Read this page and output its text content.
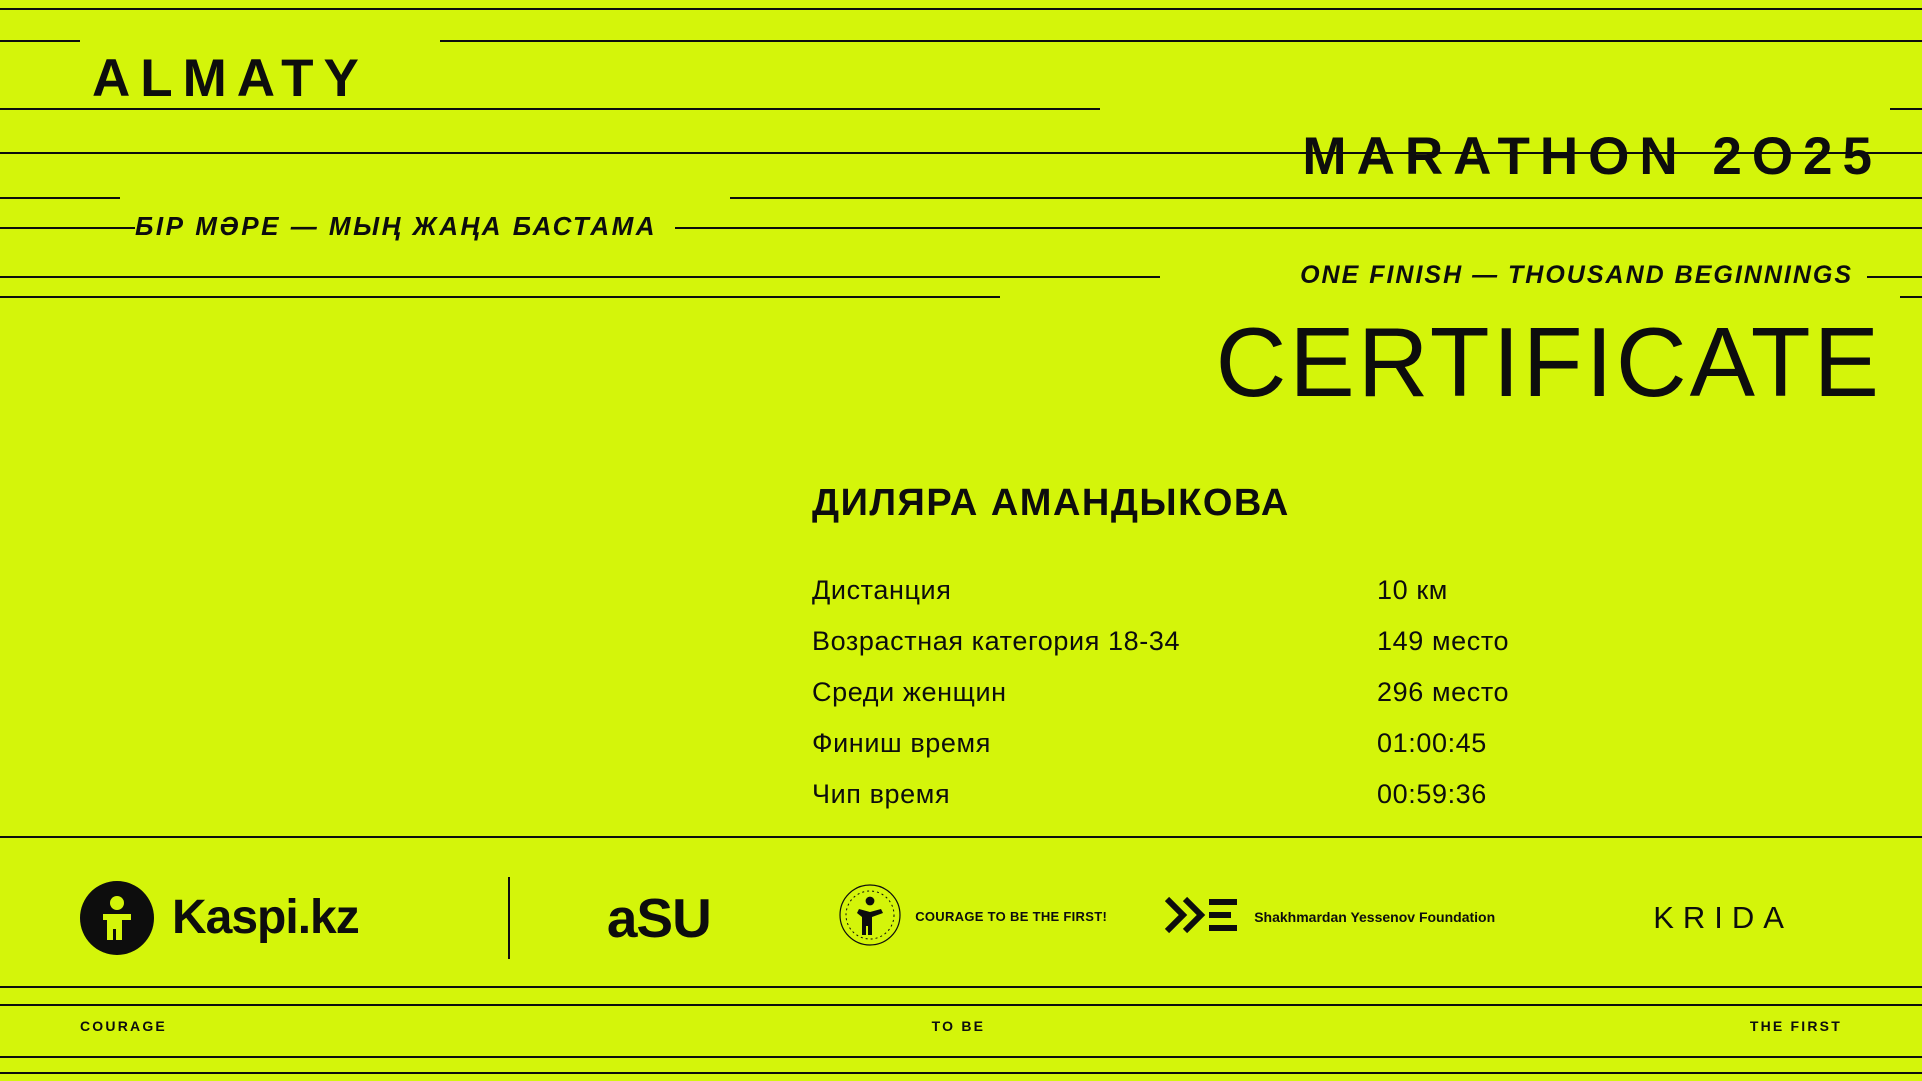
ALMATY
MARATHON 2O25
БІР МӘРЕ — МЫҢ ЖАҢА БАСТАМА
ONE FINISH — THOUSAND BEGINNINGS
CERTIFICATE
ДИЛЯРА АМАНДЫКОВА
Дистанция	10 км
Возрастная категория 18-34	149 место
Среди женщин	296 место
Финиш время	01:00:45
Чип время	00:59:36
Kaspi.kz	aSU	COURAGE TO BE THE FIRST!	Shakhmardan Yessenov Foundation	KRIDA
COURAGE	TO BE	THE FIRST
